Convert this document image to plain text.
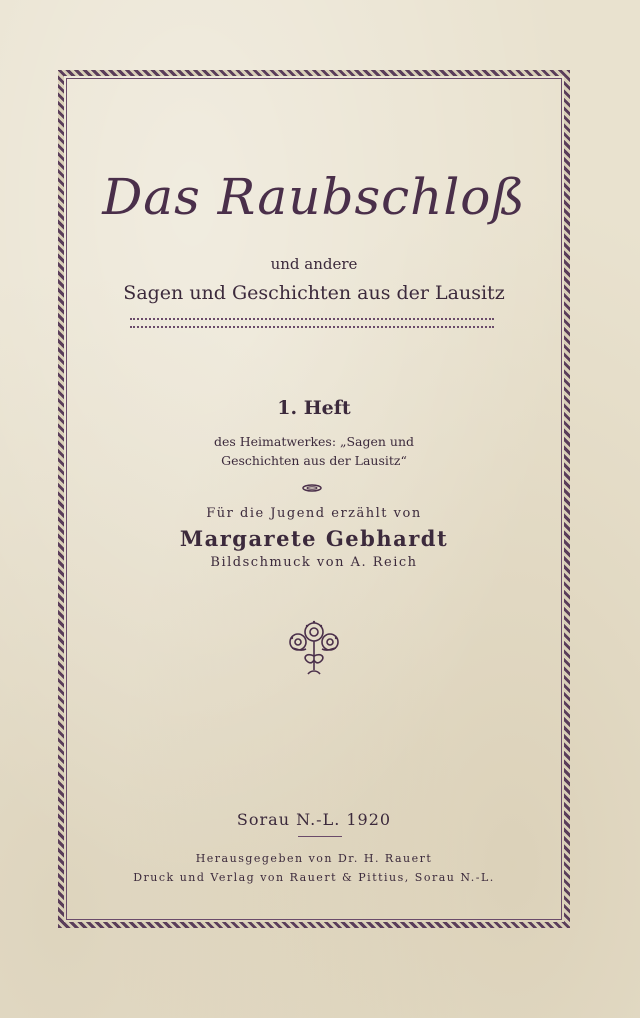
Das Raubschloß
und andere
Sagen und Geschichten aus der Lausitz
1. Heft
des Heimatwerkes: „Sagen und
Geschichten aus der Lausitz“
Für die Jugend erzählt von
Margarete Gebhardt
Bildschmuck von A. Reich
Sorau N.-L. 1920
Herausgegeben von Dr. H. Rauert
Druck und Verlag von Rauert & Pittius, Sorau N.-L.
